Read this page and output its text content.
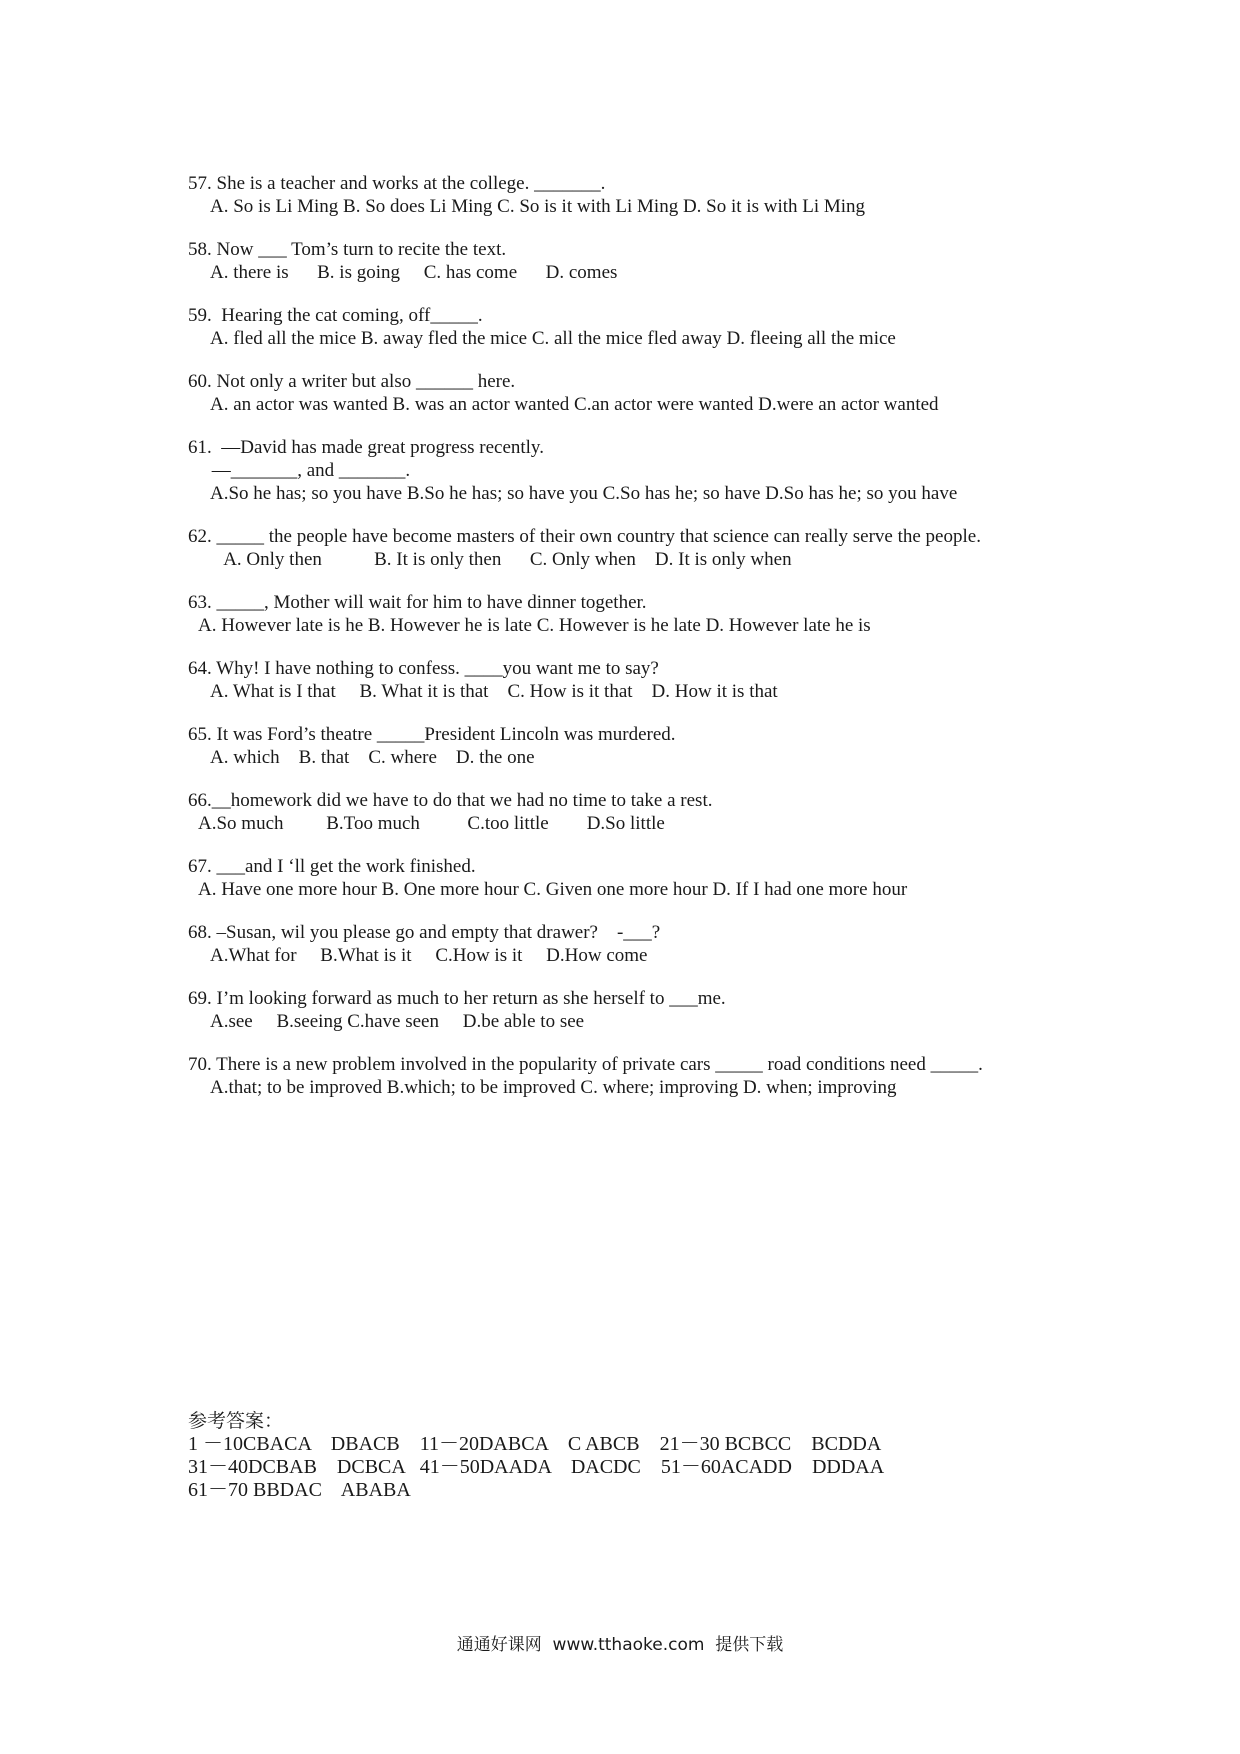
57. She is a teacher and works at the college. _______.
A. So is Li Ming B. So does Li Ming C. So is it with Li Ming D. So it is with Li Ming
58. Now ___ Tom’s turn to recite the text.
A. there is      B. is going     C. has come      D. comes
59.  Hearing the cat coming, off_____.
A. fled all the mice B. away fled the mice C. all the mice fled away D. fleeing all the mice
60. Not only a writer but also ______ here.
A. an actor was wanted B. was an actor wanted C.an actor were wanted D.were an actor wanted
61.  —David has made great progress recently.
—_______, and _______.
A.So he has; so you have B.So he has; so have you C.So has he; so have D.So has he; so you have
62. _____ the people have become masters of their own country that science can really serve the people.
A. Only then           B. It is only then      C. Only when    D. It is only when
63. _____, Mother will wait for him to have dinner together.
A. However late is he B. However he is late C. However is he late D. However late he is
64. Why! I have nothing to confess. ____you want me to say?
A. What is I that     B. What it is that    C. How is it that    D. How it is that
65. It was Ford’s theatre _____President Lincoln was murdered.
A. which    B. that    C. where    D. the one
66.__homework did we have to do that we had no time to take a rest.
A.So much         B.Too much          C.too little        D.So little
67. ___and I ‘ll get the work finished.
A. Have one more hour B. One more hour C. Given one more hour D. If I had one more hour
68. –Susan, wil you please go and empty that drawer?    -___?
A.What for     B.What is it     C.How is it     D.How come
69. I’m looking forward as much to her return as she herself to ___me.
A.see     B.seeing C.have seen     D.be able to see
70. There is a new problem involved in the popularity of private cars _____ road conditions need _____.
A.that; to be improved B.which; to be improved C. where; improving D. when; improving
参考答案：
1 －10CBACA    DBACB    11－20DABCA    C ABCB    21－30 BCBCC    BCDDA
31－40DCBAB    DCBCA   41－50DAADA    DACDC    51－60ACADD    DDDAA
61－70 BBDAC    ABABA
通通好课网  www.tthaoke.com  提供下载
